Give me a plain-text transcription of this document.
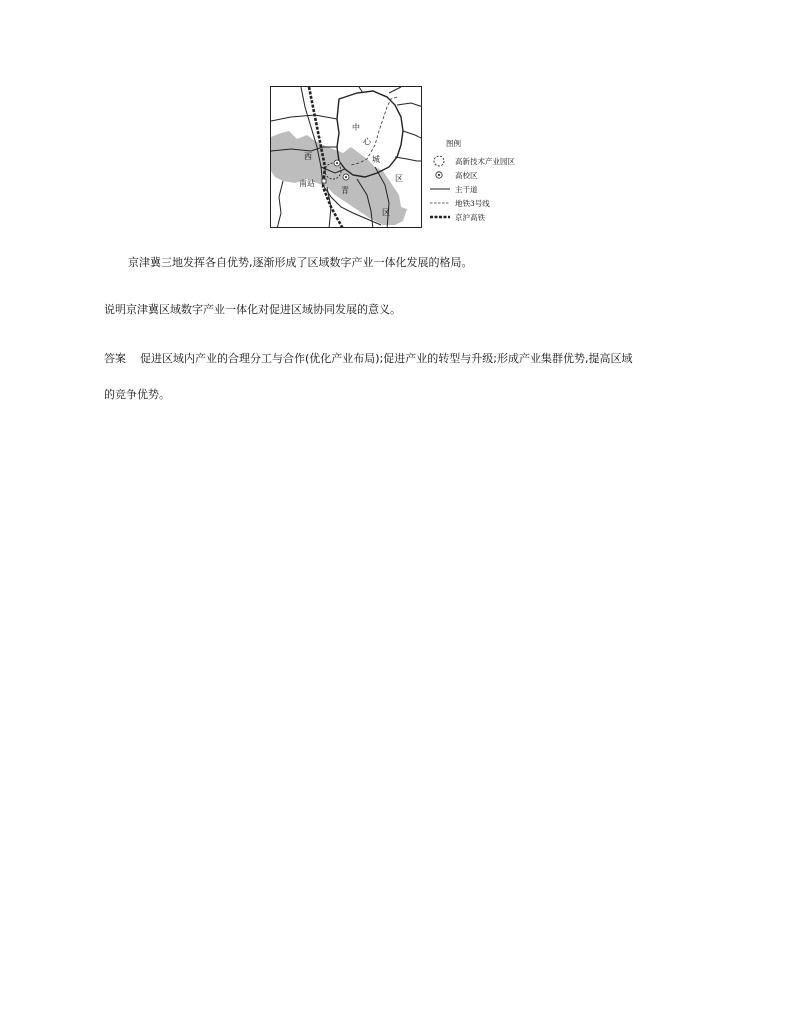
西
南站
青
区
中
心
城
区
图例
高新技术产业园区
高校区
主干道
地铁3号线
京沪高铁
京津冀三地发挥各自优势,逐渐形成了区域数字产业一体化发展的格局。
说明京津冀区域数字产业一体化对促进区域协同发展的意义。
答案 促进区域内产业的合理分工与合作(优化产业布局);促进产业的转型与升级;形成产业集群优势,提高区域
的竞争优势。
